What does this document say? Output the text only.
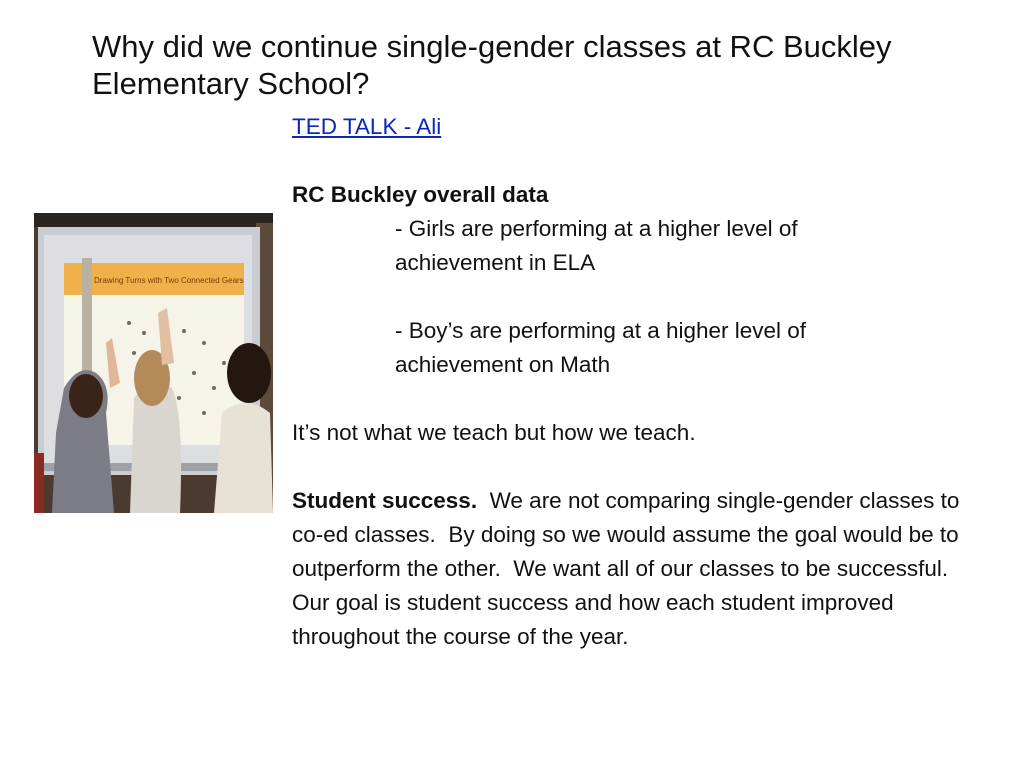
Why did we continue single-gender classes at RC Buckley Elementary School?
Drawing Turns with Two Connected Gears

TED TALK - Ali

RC Buckley overall data

- Girls are performing at a higher level of achievement in ELA

- Boy’s are performing at a higher level of achievement on Math

It’s not what we teach but how we teach.

Student success.  We are not comparing single-gender classes to co-ed classes.  By doing so we would assume the goal would be to outperform the other.  We want all of our classes to be successful.  Our goal is student success and how each student improved throughout the course of the year.
